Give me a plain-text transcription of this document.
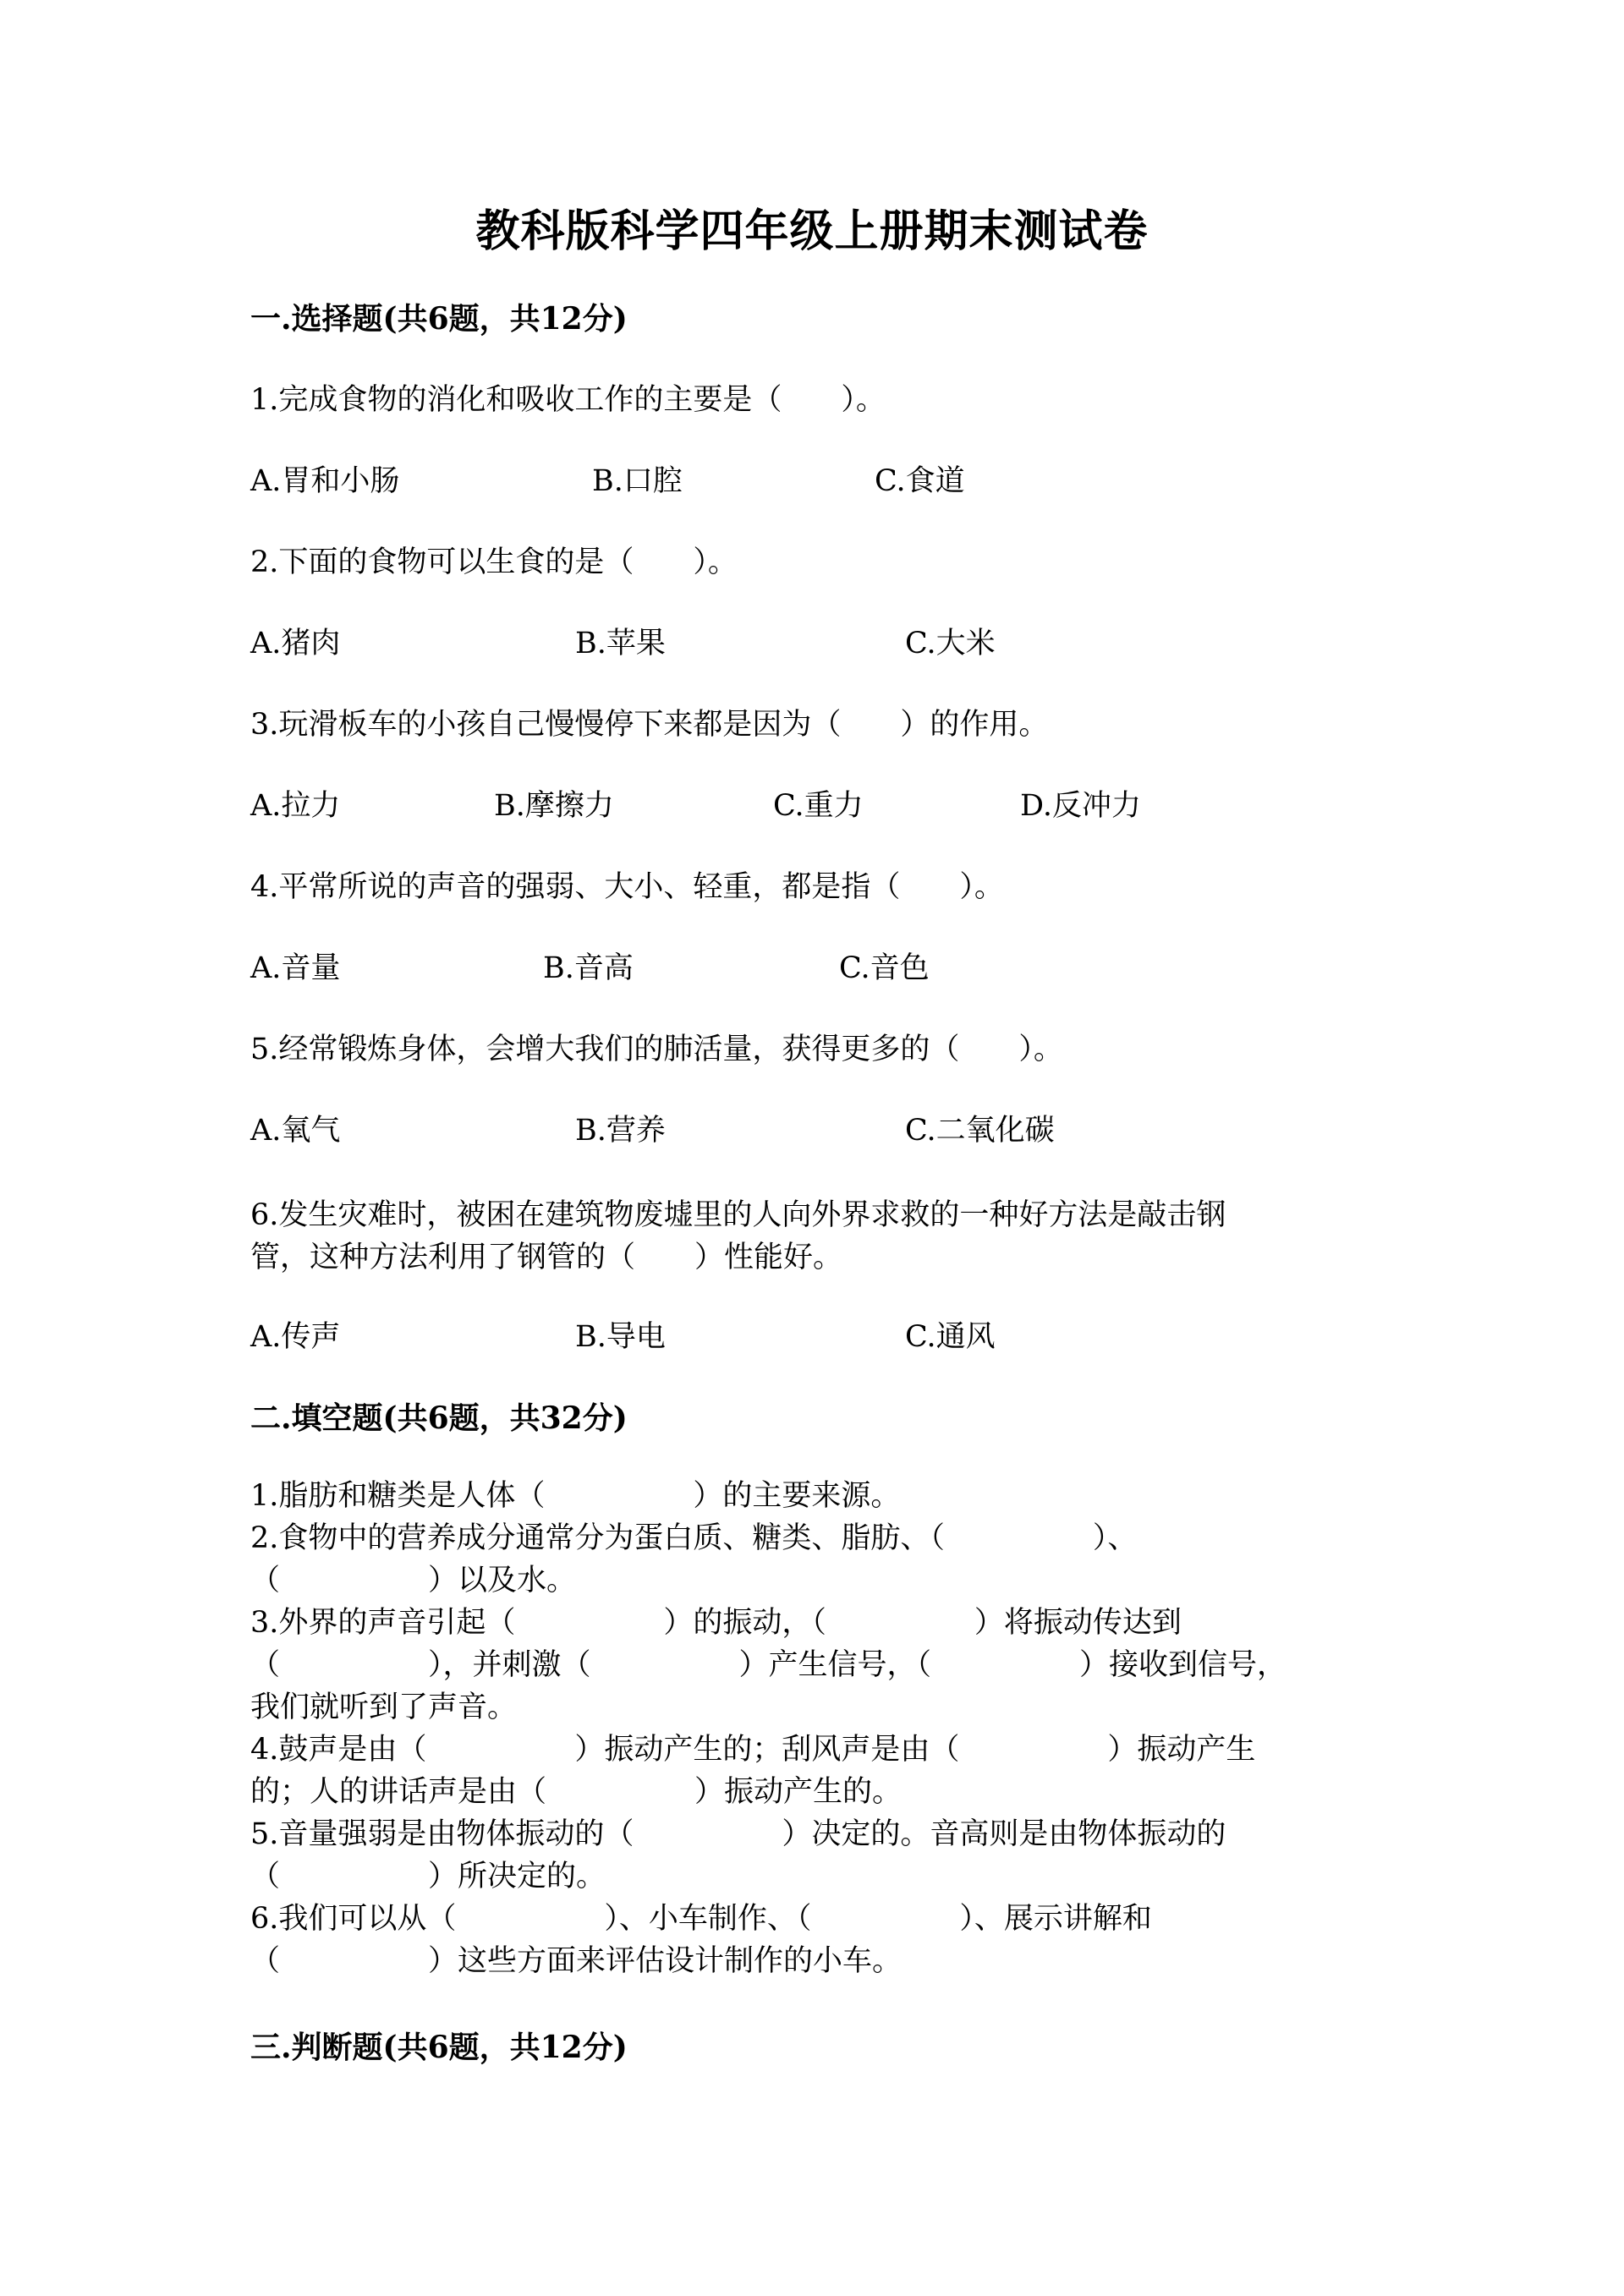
教科版科学四年级上册期末测试卷
一.选择题(共6题，共12分)
1.完成食物的消化和吸收工作的主要是（　　）。
A.胃和小肠	B.口腔	C.食道
2.下面的食物可以生食的是（　　）。
A.猪肉	B.苹果	C.大米
3.玩滑板车的小孩自己慢慢停下来都是因为（　　）的作用。
A.拉力	B.摩擦力	C.重力	D.反冲力
4.平常所说的声音的强弱、大小、轻重，都是指（　　）。
A.音量	B.音高	C.音色
5.经常锻炼身体，会增大我们的肺活量，获得更多的（　　）。
A.氧气	B.营养	C.二氧化碳
6.发生灾难时，被困在建筑物废墟里的人向外界求救的一种好方法是敲击钢
管，这种方法利用了钢管的（　　）性能好。
A.传声	B.导电	C.通风
二.填空题(共6题，共32分)
1.脂肪和糖类是人体（　　　　　）的主要来源。
2.食物中的营养成分通常分为蛋白质、糖类、脂肪、（　　　　　）、
（　　　　　）以及水。
3.外界的声音引起（　　　　　）的振动，（　　　　　）将振动传达到
（　　　　　），并刺激（　　　　　）产生信号，（　　　　　）接收到信号，
我们就听到了声音。
4.鼓声是由（　　　　　）振动产生的；刮风声是由（　　　　　）振动产生
的；人的讲话声是由（　　　　　）振动产生的。
5.音量强弱是由物体振动的（　　　　　）决定的。音高则是由物体振动的
（　　　　　）所决定的。
6.我们可以从（　　　　　）、小车制作、（　　　　　）、展示讲解和
（　　　　　）这些方面来评估设计制作的小车。
三.判断题(共6题，共12分)
